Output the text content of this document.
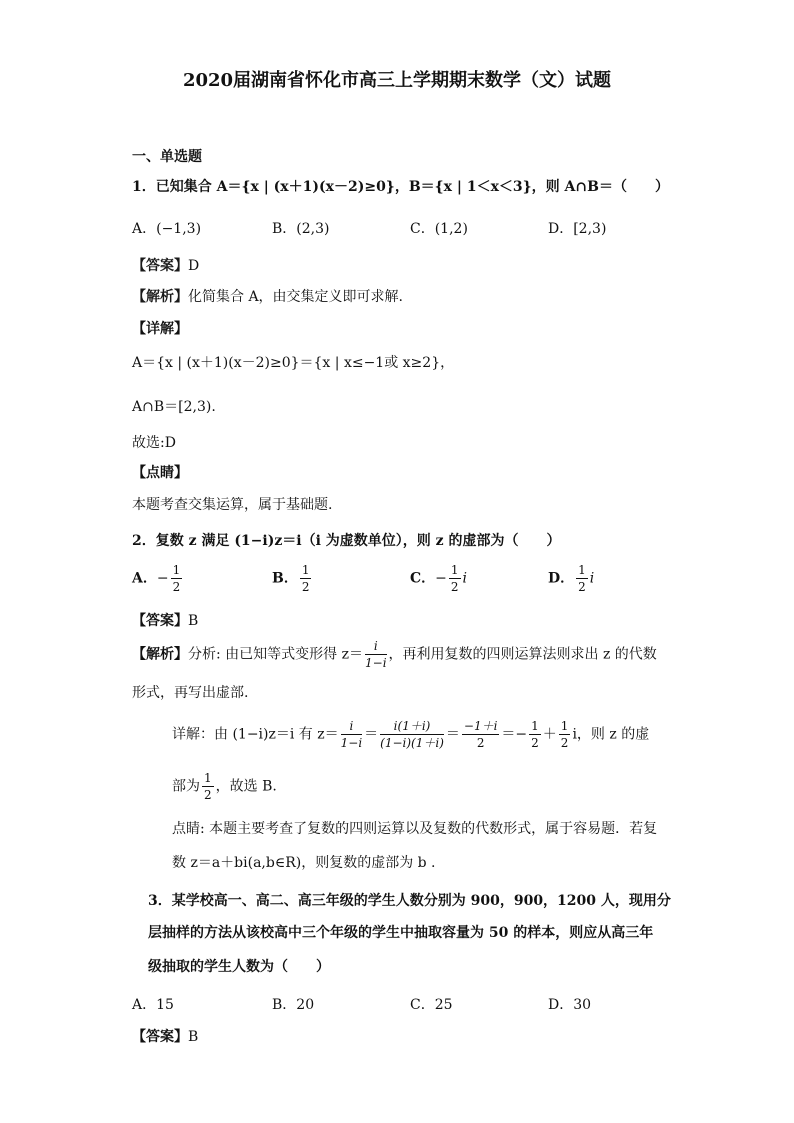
2020届湖南省怀化市高三上学期期末数学（文）试题
一、单选题
1．已知集合 A＝{x | (x＋1)(x－2)≥0}，B＝{x | 1＜x＜3}，则 A∩B＝（　　）
A．(−1,3)	B．(2,3)	C．(1,2)	D．[2,3)
【答案】D
【解析】化简集合 A，由交集定义即可求解.
【详解】
A＝{x | (x＋1)(x－2)≥0}＝{x | x≤−1或 x≥2}，
A∩B＝[2,3).
故选:D
【点睛】
本题考查交集运算，属于基础题.
2．复数 z 满足 (1−i)z＝i（i 为虚数单位），则 z 的虚部为（　　）
A．− $\frac{1}{2}$	B． $\frac{1}{2}$	C．− $\frac{1}{2}$ i	D． $\frac{1}{2}$ i
【答案】B
【解析】分析: 由已知等式变形得 $z= \frac{i}{1-i}$ ，再利用复数的四则运算法则求出 z 的代数
形式，再写出虚部.
详解：由 (1−i)z＝i 有 $z= \frac{i}{1-i} = \frac{i(1+i)}{(1-i)(1+i)} = \frac{-1+i}{2} =- \frac{1}{2} + \frac{1}{2}$ i，则 z 的虚
部为 $\frac{1}{2}$ ，故选 B.
点睛: 本题主要考查了复数的四则运算以及复数的代数形式，属于容易题．若复
数 z＝a＋bi(a,b∈R)，则复数的虚部为 b .
3．某学校高一、高二、高三年级的学生人数分别为 900，900，1200 人，现用分
层抽样的方法从该校高中三个年级的学生中抽取容量为 50 的样本，则应从高三年
级抽取的学生人数为（　　）
A．15	B．20	C．25	D．30
【答案】B
